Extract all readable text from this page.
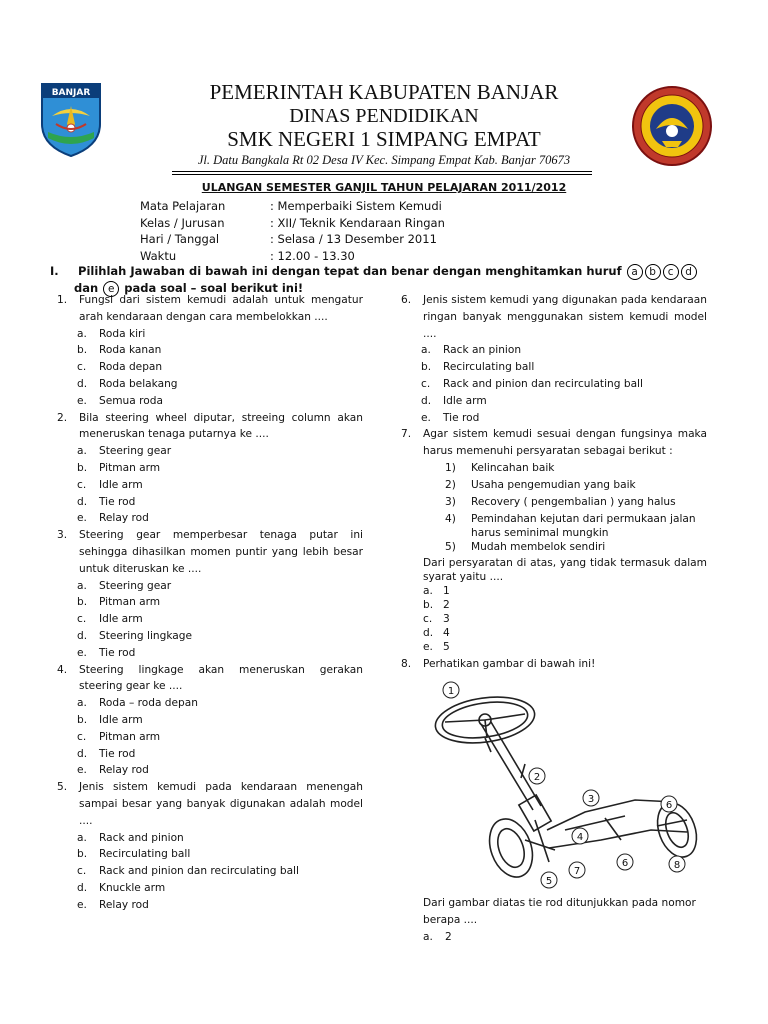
BANJAR	PEMERINTAH KABUPATEN BANJAR
DINAS PENDIDIKAN
SMK NEGERI 1 SIMPANG EMPAT
Jl. Datu Bangkala Rt 02 Desa IV Kec. Simpang Empat Kab. Banjar 70673
ULANGAN SEMESTER GANJIL TAHUN PELAJARAN 2011/2012
Mata Pelajaran	: Memperbaiki Sistem Kemudi
Kelas / Jurusan	: XII/ Teknik Kendaraan Ringan
Hari / Tanggal	: Selasa / 13 Desember 2011
Waktu	: 12.00 - 13.30
I. Pilihlah Jawaban di bawah ini dengan tepat dan benar dengan menghitamkan huruf a b c d
dan e pada soal – soal berikut ini!
1. Fungsi dari sistem kemudi adalah untuk mengatur arah kendaraan dengan cara membelokkan ....
a. Roda kiri
b. Roda kanan
c. Roda depan
d. Roda belakang
e. Semua roda
2. Bila steering wheel diputar, streeing column akan meneruskan tenaga putarnya ke ....
a. Steering gear
b. Pitman arm
c. Idle arm
d. Tie rod
e. Relay rod
3. Steering gear memperbesar tenaga putar ini sehingga dihasilkan momen puntir yang lebih besar untuk diteruskan ke ....
a. Steering gear
b. Pitman arm
c. Idle arm
d. Steering lingkage
e. Tie rod
4. Steering lingkage akan meneruskan gerakan steering gear ke ....
a. Roda – roda depan
b. Idle arm
c. Pitman arm
d. Tie rod
e. Relay rod
5. Jenis sistem kemudi pada kendaraan menengah sampai besar yang banyak digunakan adalah model ....
a. Rack and pinion
b. Recirculating ball
c. Rack and pinion dan recirculating ball
d. Knuckle arm
e. Relay rod
6. Jenis sistem kemudi yang digunakan pada kendaraan ringan banyak menggunakan sistem kemudi model ....
a. Rack an pinion
b. Recirculating ball
c. Rack and pinion dan recirculating ball
d. Idle arm
e. Tie rod
7. Agar sistem kemudi sesuai dengan fungsinya maka harus memenuhi persyaratan sebagai berikut :
1) Kelincahan baik
2) Usaha pengemudian yang baik
3) Recovery ( pengembalian ) yang halus
4) Pemindahan kejutan dari permukaan jalan harus seminimal mungkin
5) Mudah membelok sendiri
Dari persyaratan di atas, yang tidak termasuk dalam syarat yaitu ....
a. 1
b. 2
c. 3
d. 4
e. 5
8. Perhatikan gambar di bawah ini!
1
2
3
4
5
6
7
8
6
Dari gambar diatas tie rod ditunjukkan pada nomor berapa ....
a. 2
